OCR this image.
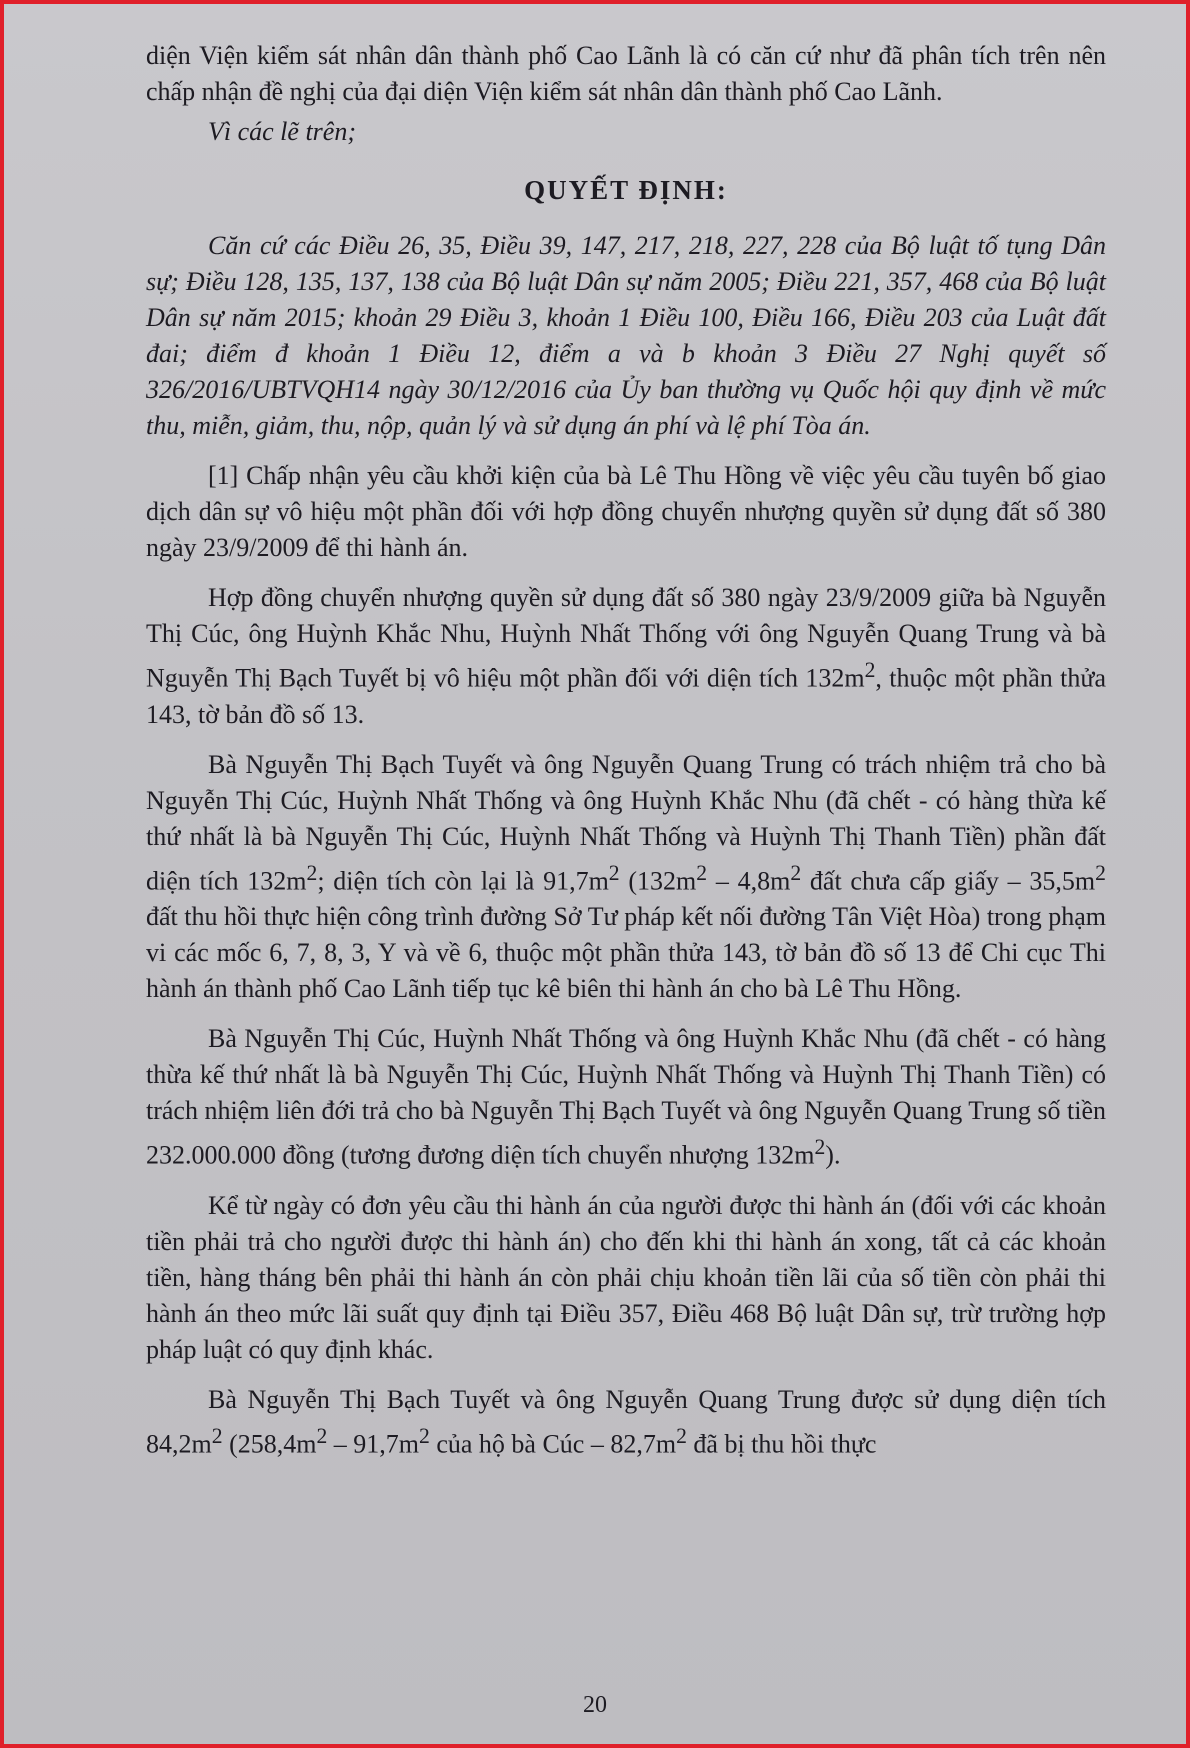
diện Viện kiểm sát nhân dân thành phố Cao Lãnh là có căn cứ như đã phân tích trên nên chấp nhận đề nghị của đại diện Viện kiểm sát nhân dân thành phố Cao Lãnh.

Vì các lẽ trên;

QUYẾT ĐỊNH:

Căn cứ các Điều 26, 35, Điều 39, 147, 217, 218, 227, 228 của Bộ luật tố tụng Dân sự; Điều 128, 135, 137, 138 của Bộ luật Dân sự năm 2005; Điều 221, 357, 468 của Bộ luật Dân sự năm 2015; khoản 29 Điều 3, khoản 1 Điều 100, Điều 166, Điều 203 của Luật đất đai; điểm đ khoản 1 Điều 12, điểm a và b khoản 3 Điều 27 Nghị quyết số 326/2016/UBTVQH14 ngày 30/12/2016 của Ủy ban thường vụ Quốc hội quy định về mức thu, miễn, giảm, thu, nộp, quản lý và sử dụng án phí và lệ phí Tòa án.

[1] Chấp nhận yêu cầu khởi kiện của bà Lê Thu Hồng về việc yêu cầu tuyên bố giao dịch dân sự vô hiệu một phần đối với hợp đồng chuyển nhượng quyền sử dụng đất số 380 ngày 23/9/2009 để thi hành án.

Hợp đồng chuyển nhượng quyền sử dụng đất số 380 ngày 23/9/2009 giữa bà Nguyễn Thị Cúc, ông Huỳnh Khắc Nhu, Huỳnh Nhất Thống với ông Nguyễn Quang Trung và bà Nguyễn Thị Bạch Tuyết bị vô hiệu một phần đối với diện tích $132m^2$, thuộc một phần thửa 143, tờ bản đồ số 13.

Bà Nguyễn Thị Bạch Tuyết và ông Nguyễn Quang Trung có trách nhiệm trả cho bà Nguyễn Thị Cúc, Huỳnh Nhất Thống và ông Huỳnh Khắc Nhu (đã chết - có hàng thừa kế thứ nhất là bà Nguyễn Thị Cúc, Huỳnh Nhất Thống và Huỳnh Thị Thanh Tiền) phần đất diện tích $132m^2$; diện tích còn lại là $91,7m^2$ ($132m^2 - 4,8m^2$ đất chưa cấp giấy – $35,5m^2$ đất thu hồi thực hiện công trình đường Sở Tư pháp kết nối đường Tân Việt Hòa) trong phạm vi các mốc 6, 7, 8, 3, Y và về 6, thuộc một phần thửa 143, tờ bản đồ số 13 để Chi cục Thi hành án thành phố Cao Lãnh tiếp tục kê biên thi hành án cho bà Lê Thu Hồng.

Bà Nguyễn Thị Cúc, Huỳnh Nhất Thống và ông Huỳnh Khắc Nhu (đã chết - có hàng thừa kế thứ nhất là bà Nguyễn Thị Cúc, Huỳnh Nhất Thống và Huỳnh Thị Thanh Tiền) có trách nhiệm liên đới trả cho bà Nguyễn Thị Bạch Tuyết và ông Nguyễn Quang Trung số tiền 232.000.000 đồng (tương đương diện tích chuyển nhượng $132m^2$).

Kể từ ngày có đơn yêu cầu thi hành án của người được thi hành án (đối với các khoản tiền phải trả cho người được thi hành án) cho đến khi thi hành án xong, tất cả các khoản tiền, hàng tháng bên phải thi hành án còn phải chịu khoản tiền lãi của số tiền còn phải thi hành án theo mức lãi suất quy định tại Điều 357, Điều 468 Bộ luật Dân sự, trừ trường hợp pháp luật có quy định khác.

Bà Nguyễn Thị Bạch Tuyết và ông Nguyễn Quang Trung được sử dụng diện tích $84,2m^2$ ($258,4m^2 - 91,7m^2$ của hộ bà Cúc – $82,7m^2$ đã bị thu hồi thực

20
